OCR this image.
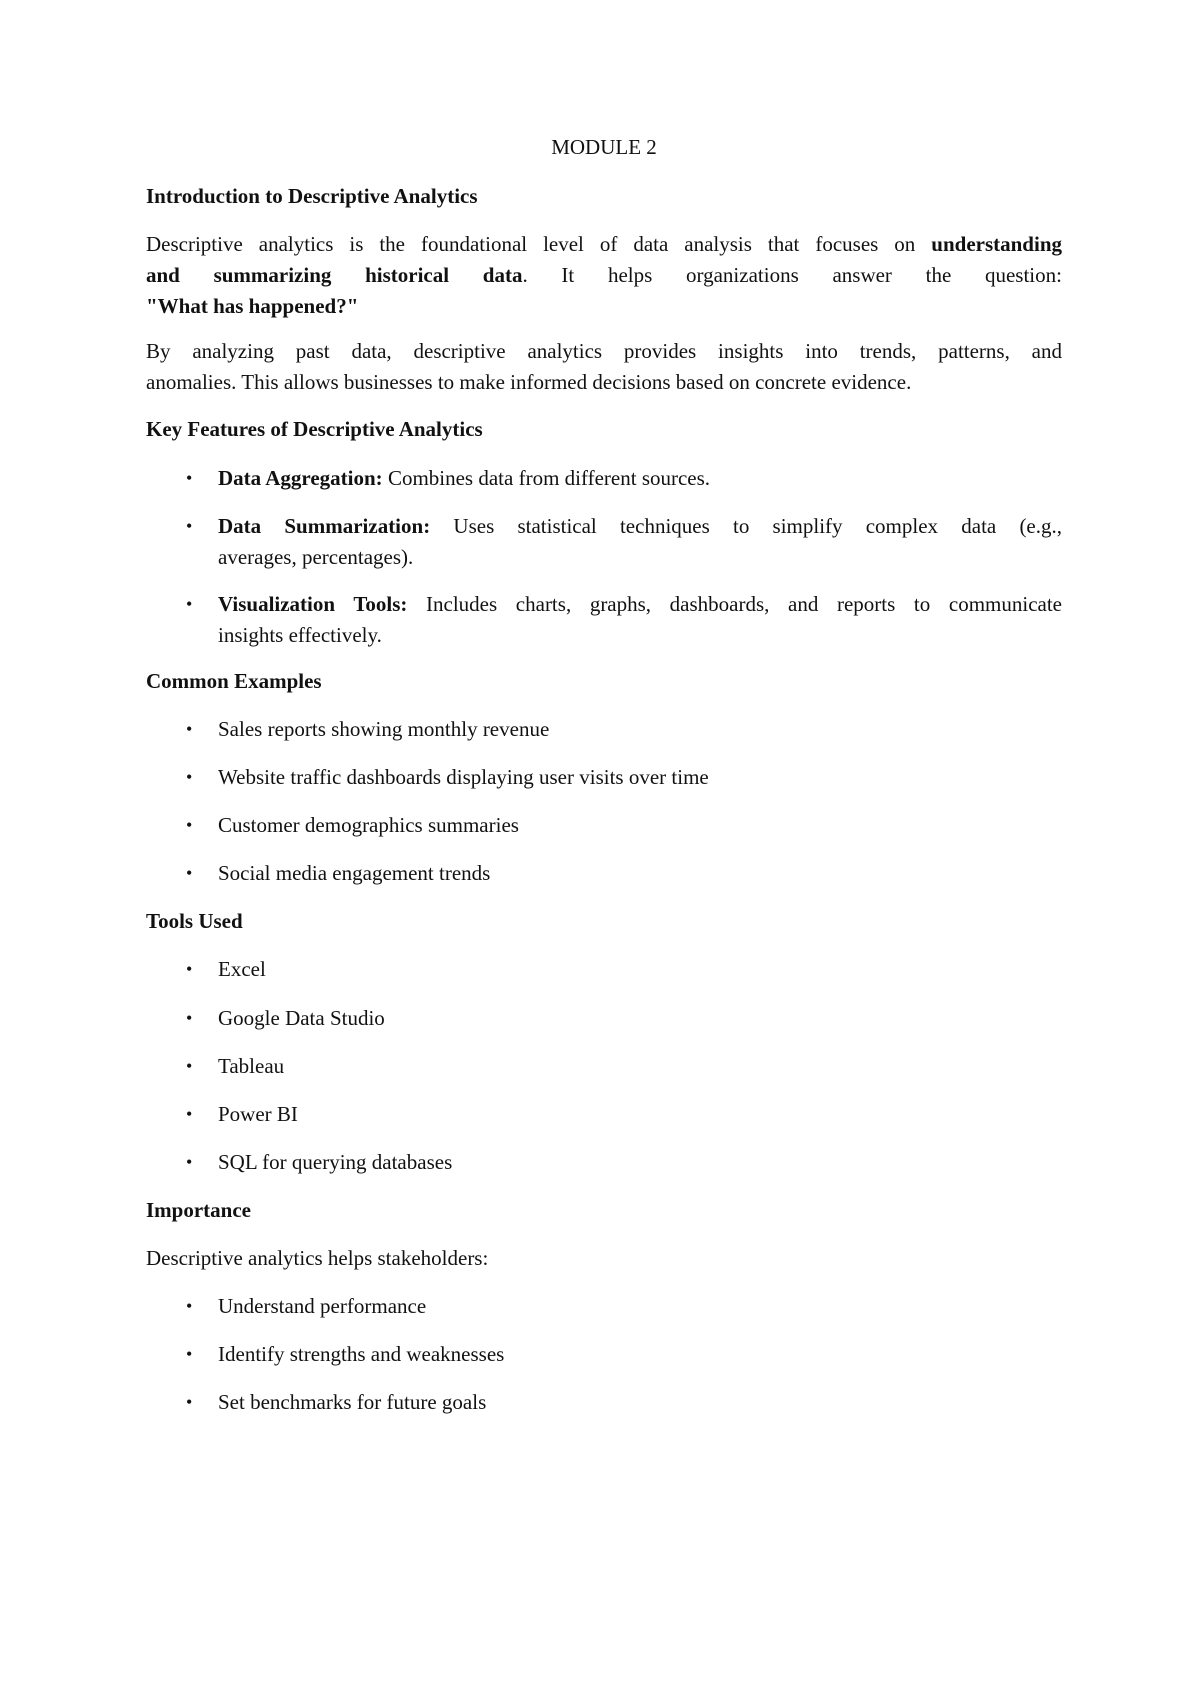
MODULE 2
Introduction to Descriptive Analytics
Descriptive analytics is the foundational level of data analysis that focuses on understanding
and summarizing historical data. It helps organizations answer the question:
"What has happened?"
By analyzing past data, descriptive analytics provides insights into trends, patterns, and
anomalies. This allows businesses to make informed decisions based on concrete evidence.
Key Features of Descriptive Analytics
• Data Aggregation: Combines data from different sources.
• Data Summarization: Uses statistical techniques to simplify complex data (e.g.,
averages, percentages).
• Visualization Tools: Includes charts, graphs, dashboards, and reports to communicate
insights effectively.
Common Examples
• Sales reports showing monthly revenue
• Website traffic dashboards displaying user visits over time
• Customer demographics summaries
• Social media engagement trends
Tools Used
• Excel
• Google Data Studio
• Tableau
• Power BI
• SQL for querying databases
Importance
Descriptive analytics helps stakeholders:
• Understand performance
• Identify strengths and weaknesses
• Set benchmarks for future goals
